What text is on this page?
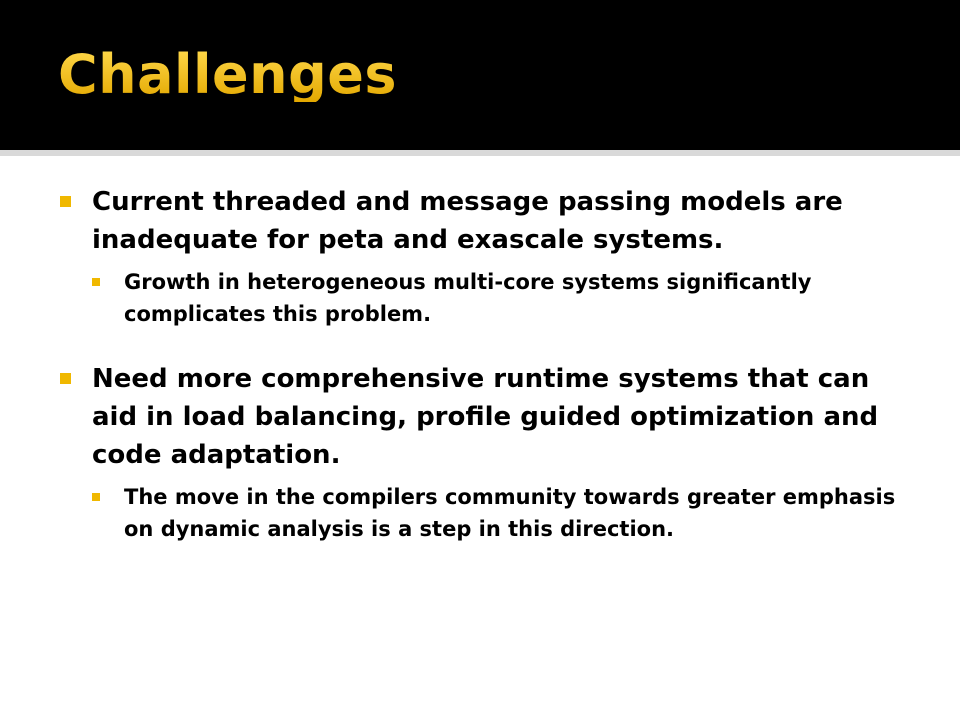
Challenges
Current threaded and message passing models are inadequate for peta and exascale systems.
Growth in heterogeneous multi-core systems significantly complicates this problem.
Need more comprehensive runtime systems that can aid in load balancing, profile guided optimization and code adaptation.
The move in the compilers community towards greater emphasis on dynamic analysis is a step in this direction.
